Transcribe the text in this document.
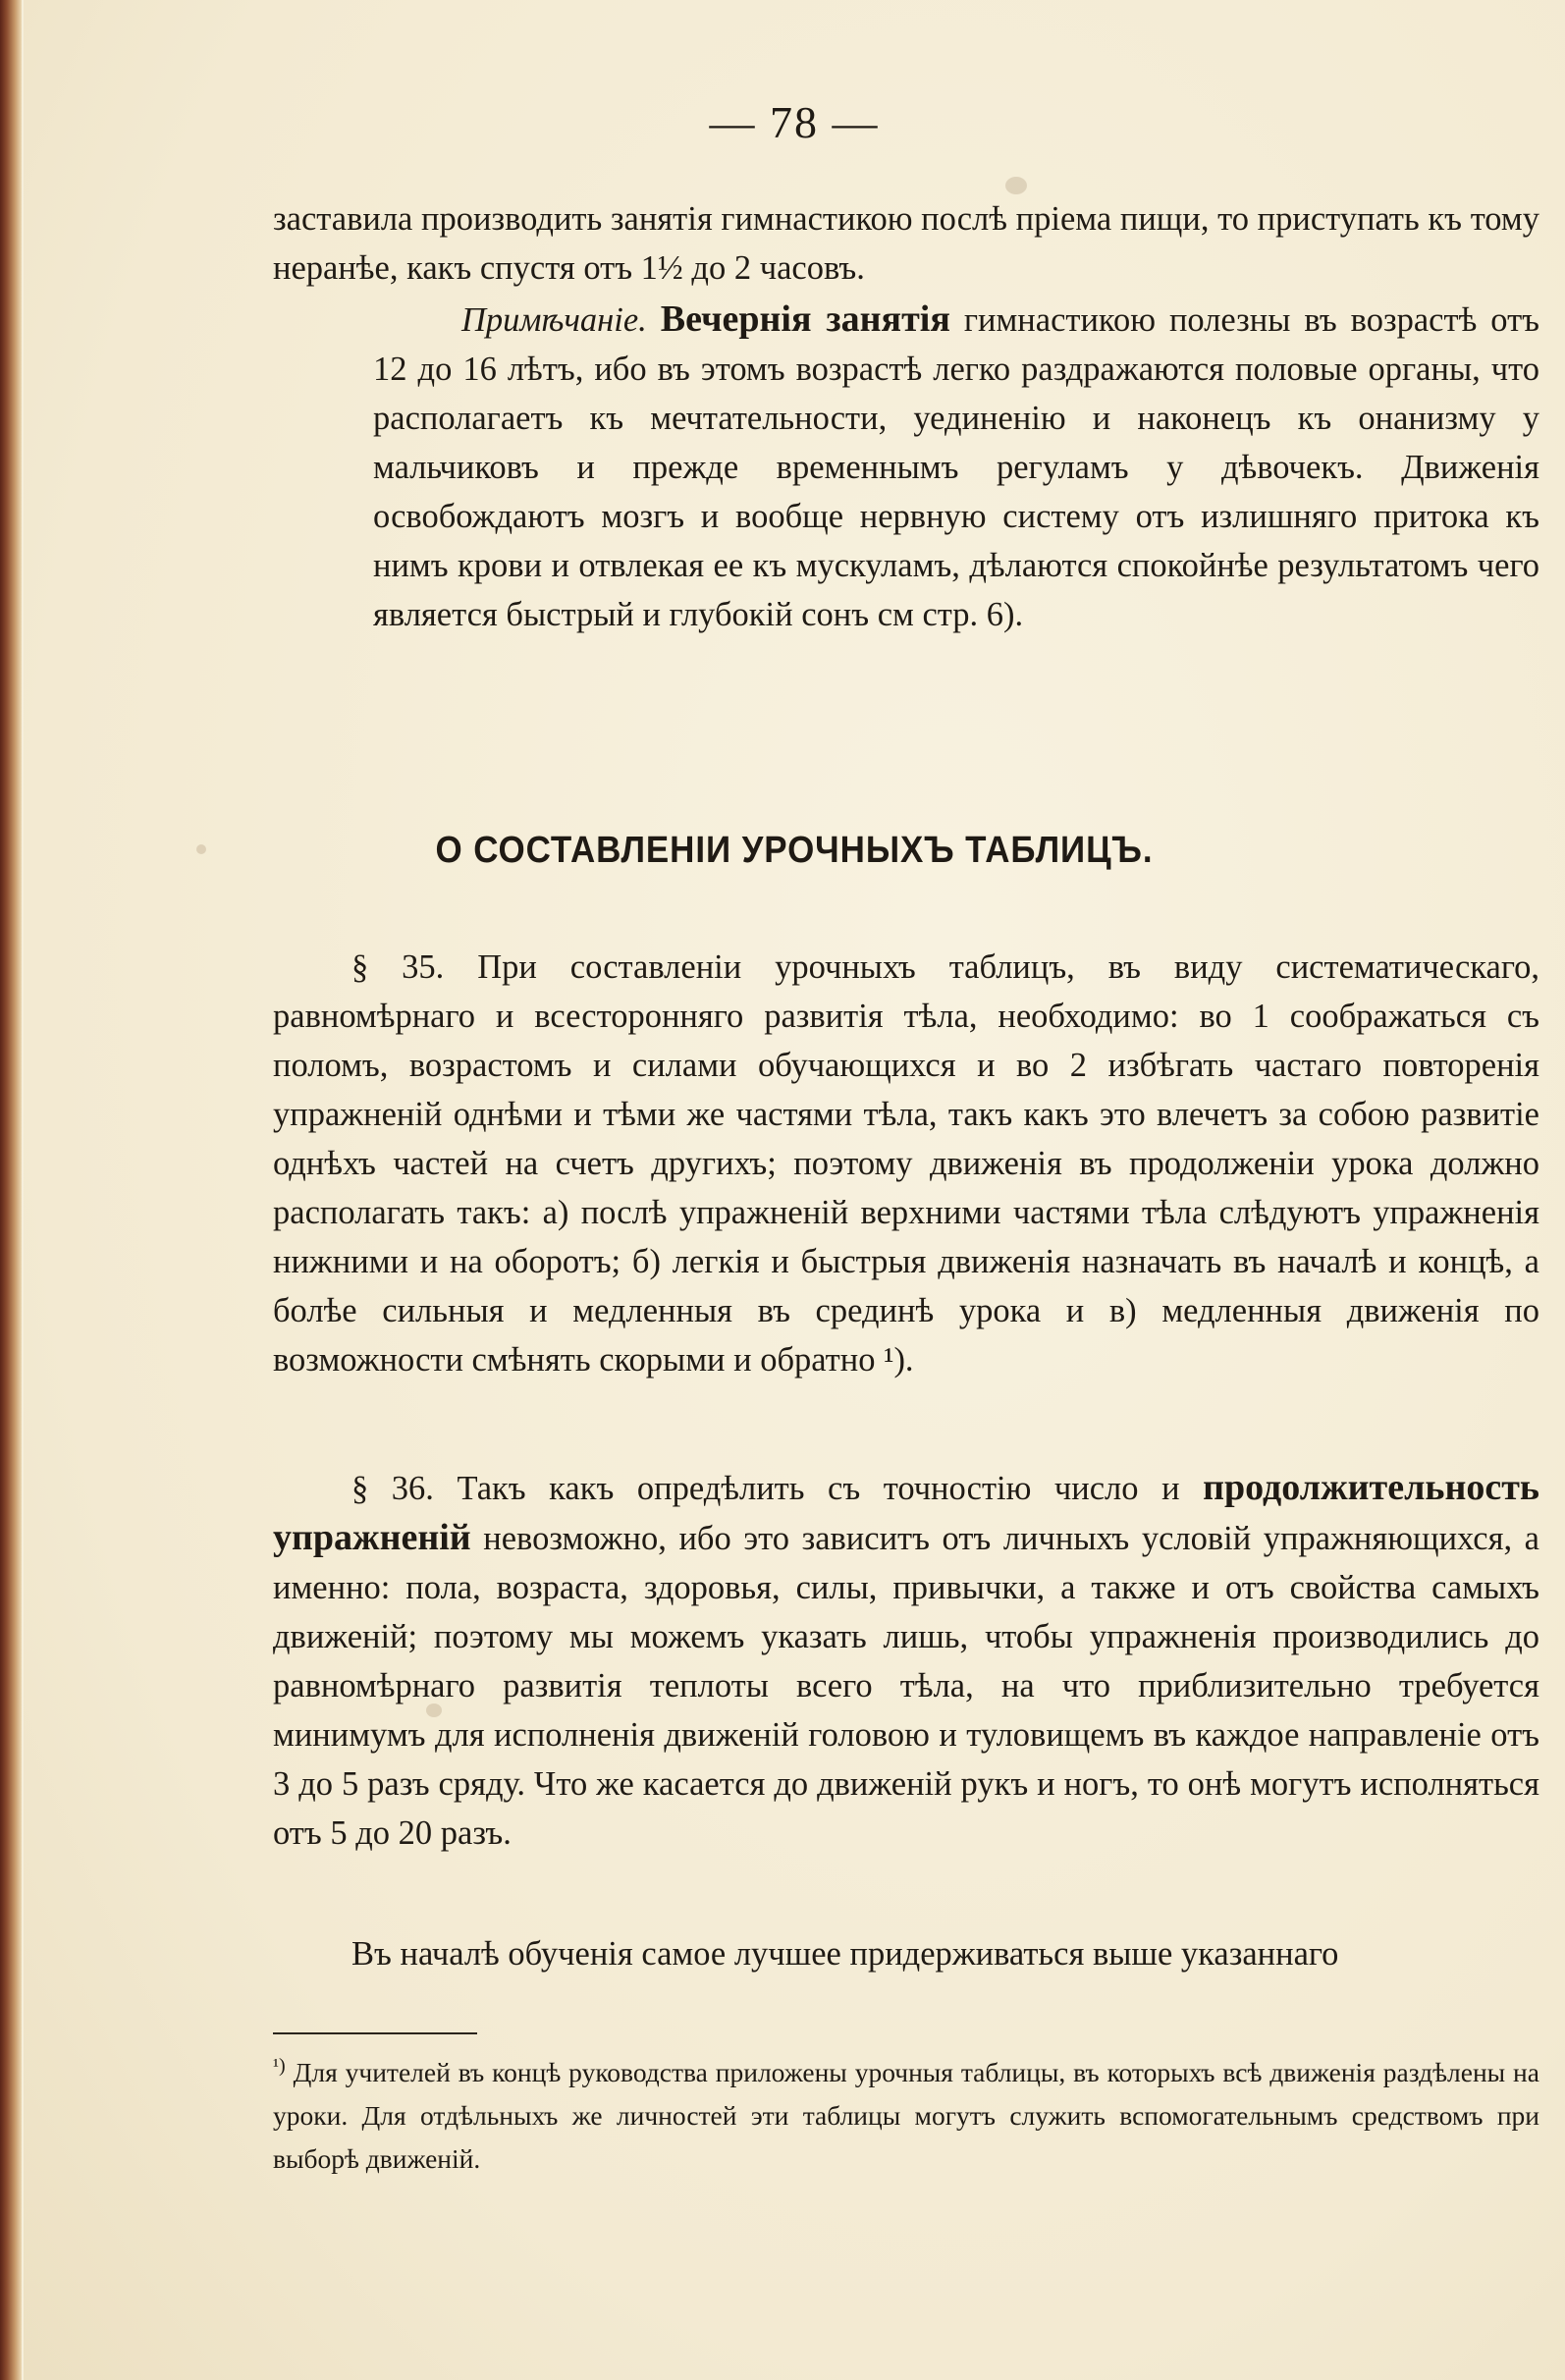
— 78 —

заставила производить занятія гимнастикою послѣ пріема пищи, то приступать къ тому неранѣе, какъ спустя отъ 1½ до 2 часовъ.

Примѣчаніе. Вечернія занятія гимнастикою полезны въ возрастѣ отъ 12 до 16 лѣтъ, ибо въ этомъ возрастѣ легко раздражаются половые органы, что располагаетъ къ мечтательности, уединенію и наконецъ къ онанизму у мальчиковъ и прежде временнымъ регуламъ у дѣвочекъ. Движенія освобождаютъ мозгъ и вообще нервную систему отъ излишняго притока къ нимъ крови и отвлекая ее къ мускуламъ, дѣлаются спокойнѣе результатомъ чего является быстрый и глубокій сонъ см стр. 6).

О СОСТАВЛЕНІИ УРОЧНЫХЪ ТАБЛИЦЪ.

§ 35. При составленіи урочныхъ таблицъ, въ виду систематическаго, равномѣрнаго и всесторонняго развитія тѣла, необходимо: во 1 соображаться съ поломъ, возрастомъ и силами обучающихся и во 2 избѣгать частаго повторенія упражненій однѣми и тѣми же частями тѣла, такъ какъ это влечетъ за собою развитіе однѣхъ частей на счетъ другихъ; поэтому движенія въ продолженіи урока должно располагать такъ: а) послѣ упражненій верхними частями тѣла слѣдуютъ упражненія нижними и на оборотъ; б) легкія и быстрыя движенія назначать въ началѣ и концѣ, а болѣе сильныя и медленныя въ срединѣ урока и в) медленныя движенія по возможности смѣнять скорыми и обратно ¹).

§ 36. Такъ какъ опредѣлить съ точностію число и продолжительность упражненій невозможно, ибо это зависитъ отъ личныхъ условій упражняющихся, а именно: пола, возраста, здоровья, силы, привычки, а также и отъ свойства самыхъ движеній; поэтому мы можемъ указать лишь, чтобы упражненія производились до равномѣрнаго развитія теплоты всего тѣла, на что приблизительно требуется минимумъ для исполненія движеній головою и туловищемъ въ каждое направленіе отъ 3 до 5 разъ сряду. Что же касается до движеній рукъ и ногъ, то онѣ могутъ исполняться отъ 5 до 20 разъ.

Въ началѣ обученія самое лучшее придерживаться выше указаннаго

$^{^1)}$ Для учителей въ концѣ руководства приложены урочныя таблицы, въ которыхъ всѣ движенія раздѣлены на уроки. Для отдѣльныхъ же личностей эти таблицы могутъ служить вспомогательнымъ средствомъ при выборѣ движеній.
